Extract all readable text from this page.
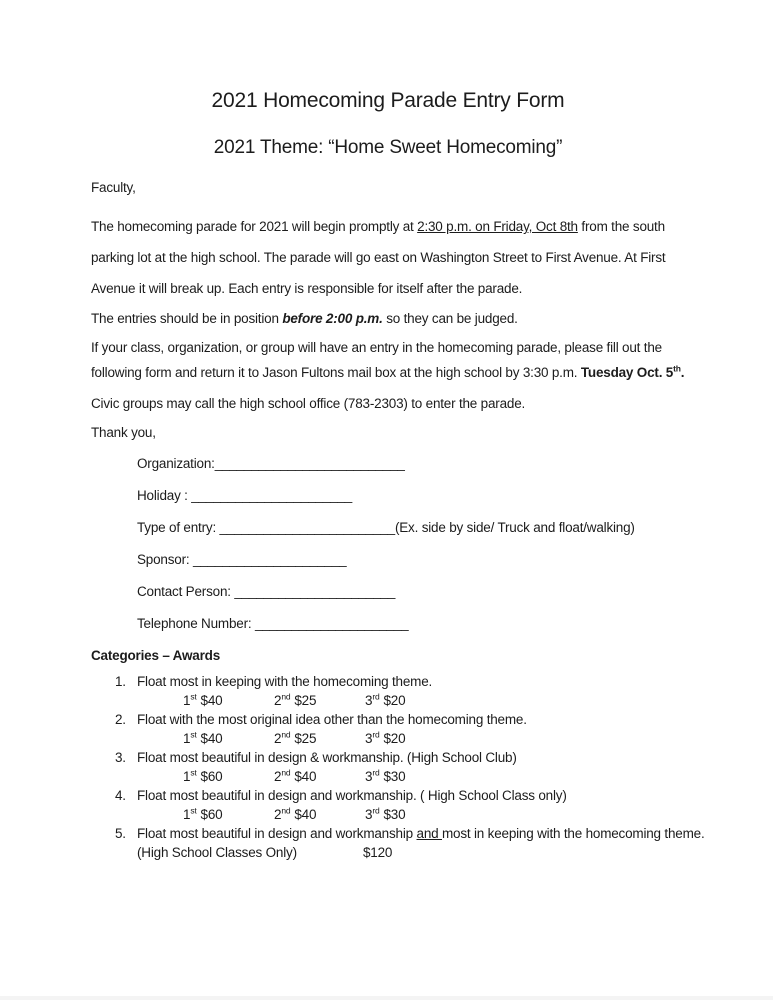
2021 Homecoming Parade Entry Form
2021 Theme: “Home Sweet Homecoming”

Faculty,

The homecoming parade for 2021 will begin promptly at 2:30 p.m. on Friday, Oct 8th from the south
parking lot at the high school. The parade will go east on Washington Street to First Avenue. At First
Avenue it will break up. Each entry is responsible for itself after the parade.

The entries should be in position before 2:00 p.m. so they can be judged.

If your class, organization, or group will have an entry in the homecoming parade, please fill out the
following form and return it to Jason Fultons mail box at the high school by 3:30 p.m. Tuesday Oct. 5th.

Civic groups may call the high school office (783-2303) to enter the parade.

Thank you,

Organization:__________________________
Holiday : ______________________
Type of entry: ________________________(Ex. side by side/ Truck and float/walking)
Sponsor: _____________________
Contact Person: ______________________
Telephone Number: _____________________
Categories – Awards
1. Float most in keeping with the homecoming theme.
1st $40	2nd $25	3rd $20
2. Float with the most original idea other than the homecoming theme.
1st $40	2nd $25	3rd $20
3. Float most beautiful in design & workmanship. (High School Club)
1st $60	2nd $40	3rd $30
4. Float most beautiful in design and workmanship. ( High School Class only)
1st $60	2nd $40	3rd $30
5. Float most beautiful in design and workmanship and most in keeping with the homecoming theme.
(High School Classes Only)	$120
